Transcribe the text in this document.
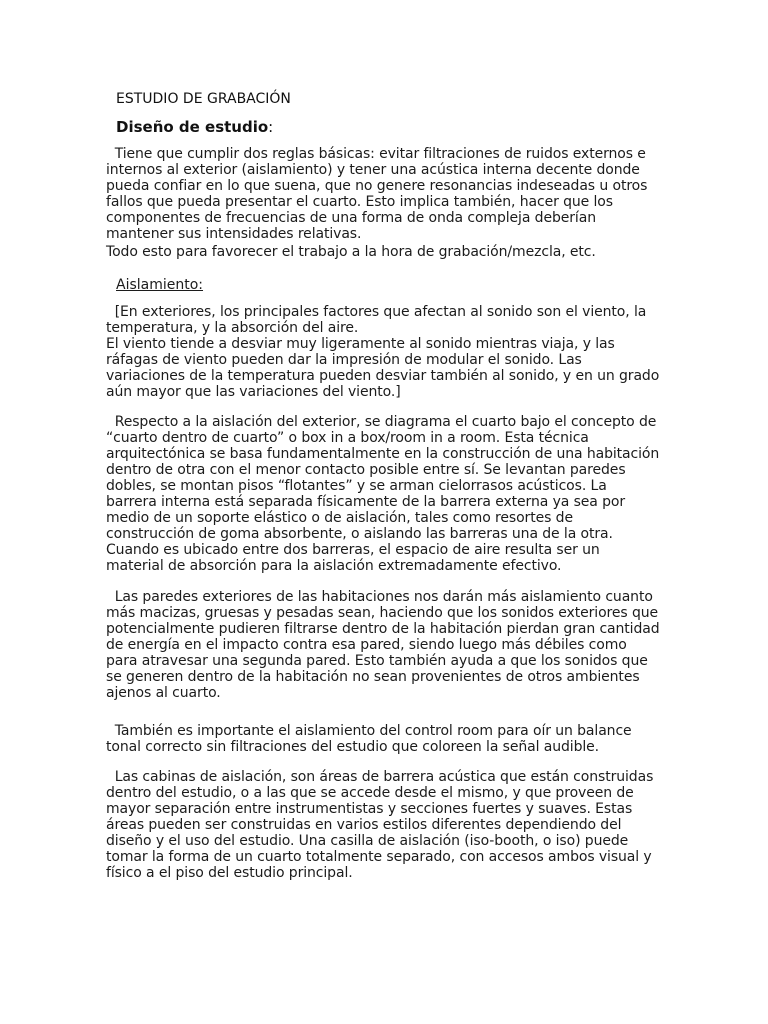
ESTUDIO DE GRABACIÓN
Diseño de estudio:
Aislamiento:
Tiene que cumplir dos reglas básicas: evitar filtraciones de ruidos externos e
internos al exterior (aislamiento) y tener una acústica interna decente donde
pueda confiar en lo que suena, que no genere resonancias indeseadas u otros
fallos que pueda presentar el cuarto. Esto implica también, hacer que los
componentes de frecuencias de una forma de onda compleja deberían
mantener sus intensidades relativas.
Todo esto para favorecer el trabajo a la hora de grabación/mezcla, etc.
[En exteriores, los principales factores que afectan al sonido son el viento, la
temperatura, y la absorción del aire.
El viento tiende a desviar muy ligeramente al sonido mientras viaja, y las
ráfagas de viento pueden dar la impresión de modular el sonido. Las
variaciones de la temperatura pueden desviar también al sonido, y en un grado
aún mayor que las variaciones del viento.]
Respecto a la aislación del exterior, se diagrama el cuarto bajo el concepto de
“cuarto dentro de cuarto” o box in a box/room in a room. Esta técnica
arquitectónica se basa fundamentalmente en la construcción de una habitación
dentro de otra con el menor contacto posible entre sí. Se levantan paredes
dobles, se montan pisos “flotantes” y se arman cielorrasos acústicos. La
barrera interna está separada físicamente de la barrera externa ya sea por
medio de un soporte elástico o de aislación, tales como resortes de
construcción de goma absorbente, o aislando las barreras una de la otra.
Cuando es ubicado entre dos barreras, el espacio de aire resulta ser un
material de absorción para la aislación extremadamente efectivo.
Las paredes exteriores de las habitaciones nos darán más aislamiento cuanto
más macizas, gruesas y pesadas sean, haciendo que los sonidos exteriores que
potencialmente pudieren filtrarse dentro de la habitación pierdan gran cantidad
de energía en el impacto contra esa pared, siendo luego más débiles como
para atravesar una segunda pared. Esto también ayuda a que los sonidos que
se generen dentro de la habitación no sean provenientes de otros ambientes
ajenos al cuarto.
También es importante el aislamiento del control room para oír un balance
tonal correcto sin filtraciones del estudio que coloreen la señal audible.
Las cabinas de aislación, son áreas de barrera acústica que están construidas
dentro del estudio, o a las que se accede desde el mismo, y que proveen de
mayor separación entre instrumentistas y secciones fuertes y suaves. Estas
áreas pueden ser construidas en varios estilos diferentes dependiendo del
diseño y el uso del estudio. Una casilla de aislación (iso-booth, o iso) puede
tomar la forma de un cuarto totalmente separado, con accesos ambos visual y
físico a el piso del estudio principal.
